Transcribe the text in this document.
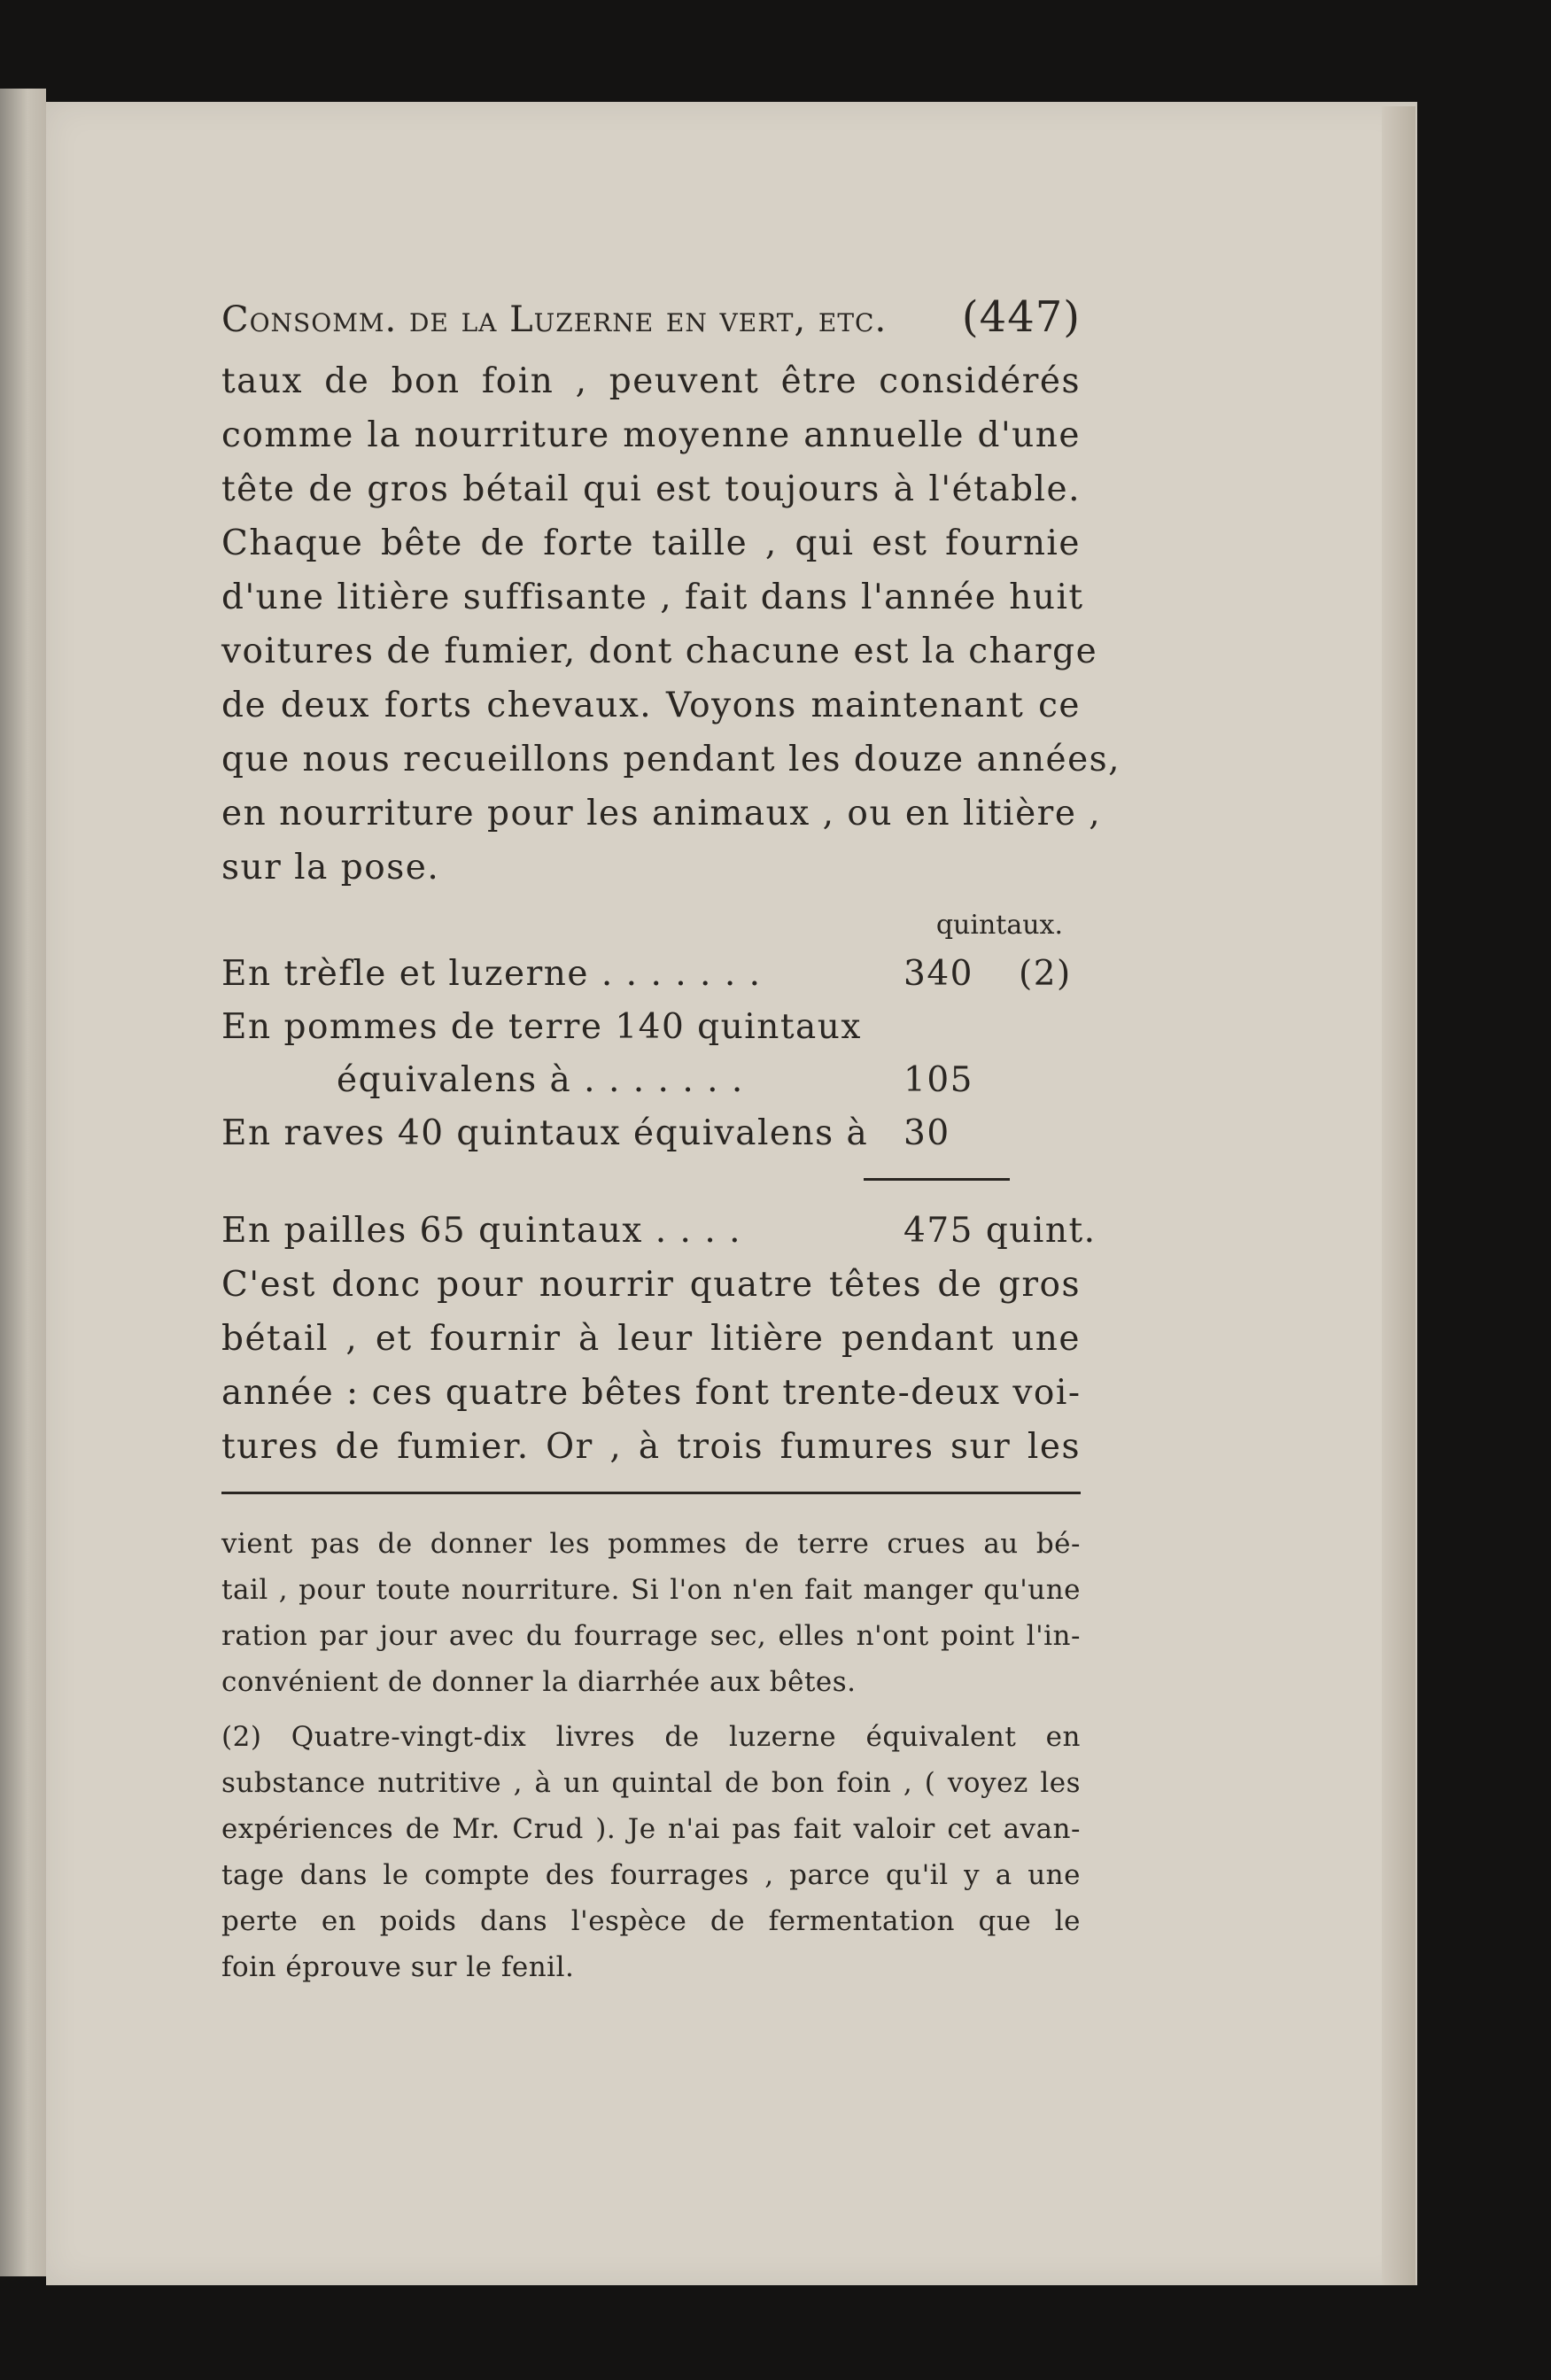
Consomm. de la Luzerne en vert, etc. (447)
taux de bon foin , peuvent être considérés
comme la nourriture moyenne annuelle d'une
tête de gros bétail qui est toujours à l'étable.
Chaque bête de forte taille , qui est fournie
d'une litière suffisante , fait dans l'année huit
voitures de fumier, dont chacune est la charge
de deux forts chevaux. Voyons maintenant ce
que nous recueillons pendant les douze années,
en nourriture pour les animaux , ou en litière ,
sur la pose.
quintaux.
En trèfle et luzerne . . . . . . .	340	(2)
En pommes de terre 140 quintaux
équivalens à . . . . . . .	105
En raves 40 quintaux équivalens à	30
En pailles 65 quintaux . . . .	475 quint.
C'est donc pour nourrir quatre têtes de gros
bétail , et fournir à leur litière pendant une
année : ces quatre bêtes font trente-deux voi-
tures de fumier. Or , à trois fumures sur les
vient pas de donner les pommes de terre crues au bé-
tail , pour toute nourriture. Si l'on n'en fait manger qu'une
ration par jour avec du fourrage sec, elles n'ont point l'in-
convénient de donner la diarrhée aux bêtes.
(2) Quatre-vingt-dix livres de luzerne équivalent en
substance nutritive , à un quintal de bon foin , ( voyez les
expériences de Mr. Crud ). Je n'ai pas fait valoir cet avan-
tage dans le compte des fourrages , parce qu'il y a une
perte en poids dans l'espèce de fermentation que le
foin éprouve sur le fenil.
